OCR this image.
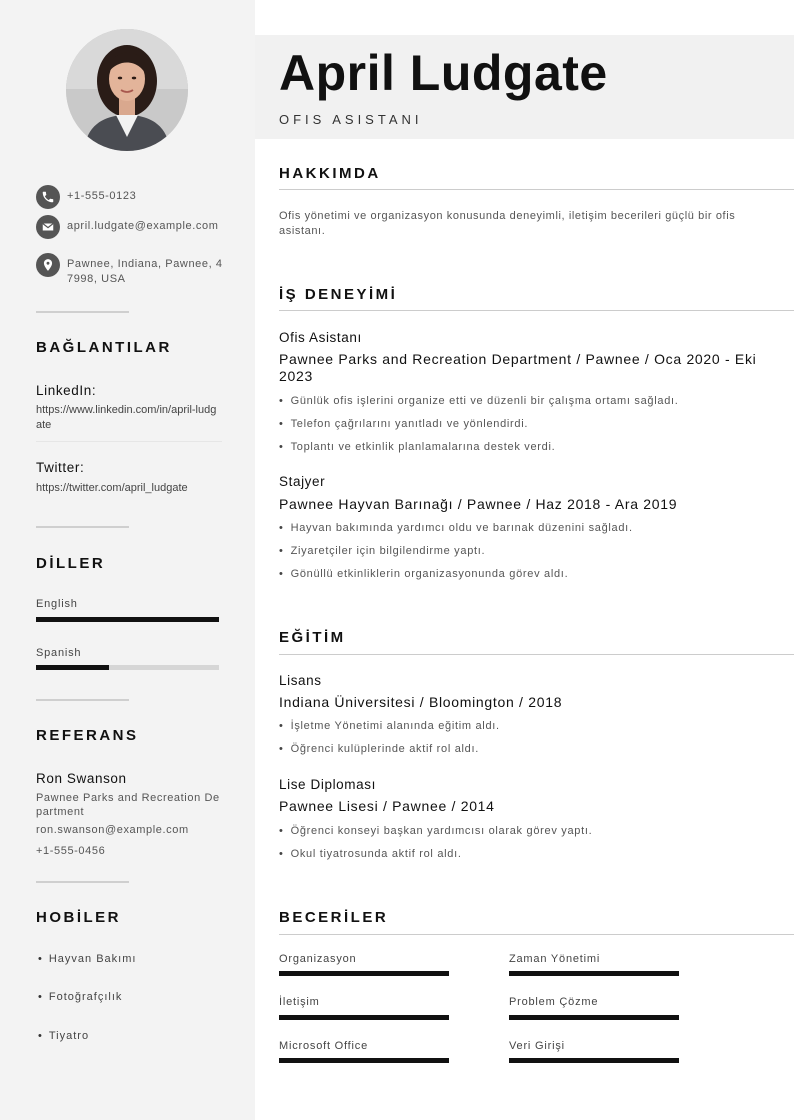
+1-555-0123
april.ludgate@example.com
Pawnee, Indiana, Pawnee, 47998, USA
BAĞLANTILAR
LinkedIn:
https://www.linkedin.com/in/april-ludgate
Twitter:
https://twitter.com/april_ludgate
DİLLER
English
Spanish
REFERANS
Ron Swanson
Pawnee Parks and Recreation Department
ron.swanson@example.com
+1-555-0456
HOBİLER
• Hayvan Bakımı
• Fotoğrafçılık
• Tiyatro
April Ludgate
OFIS ASISTANI
HAKKIMDA
Ofis yönetimi ve organizasyon konusunda deneyimli, iletişim becerileri güçlü bir ofis asistanı.
İŞ DENEYİMİ
Ofis Asistanı
Pawnee Parks and Recreation Department / Pawnee / Oca 2020 - Eki 2023
• Günlük ofis işlerini organize etti ve düzenli bir çalışma ortamı sağladı.
• Telefon çağrılarını yanıtladı ve yönlendirdi.
• Toplantı ve etkinlik planlamalarına destek verdi.
Stajyer
Pawnee Hayvan Barınağı / Pawnee / Haz 2018 - Ara 2019
• Hayvan bakımında yardımcı oldu ve barınak düzenini sağladı.
• Ziyaretçiler için bilgilendirme yaptı.
• Gönüllü etkinliklerin organizasyonunda görev aldı.
EĞİTİM
Lisans
Indiana Üniversitesi / Bloomington / 2018
• İşletme Yönetimi alanında eğitim aldı.
• Öğrenci kulüplerinde aktif rol aldı.
Lise Diploması
Pawnee Lisesi / Pawnee / 2014
• Öğrenci konseyi başkan yardımcısı olarak görev yaptı.
• Okul tiyatrosunda aktif rol aldı.
BECERİLER
Organizasyon	Zaman Yönetimi
İletişim	Problem Çözme
Microsoft Office	Veri Girişi
